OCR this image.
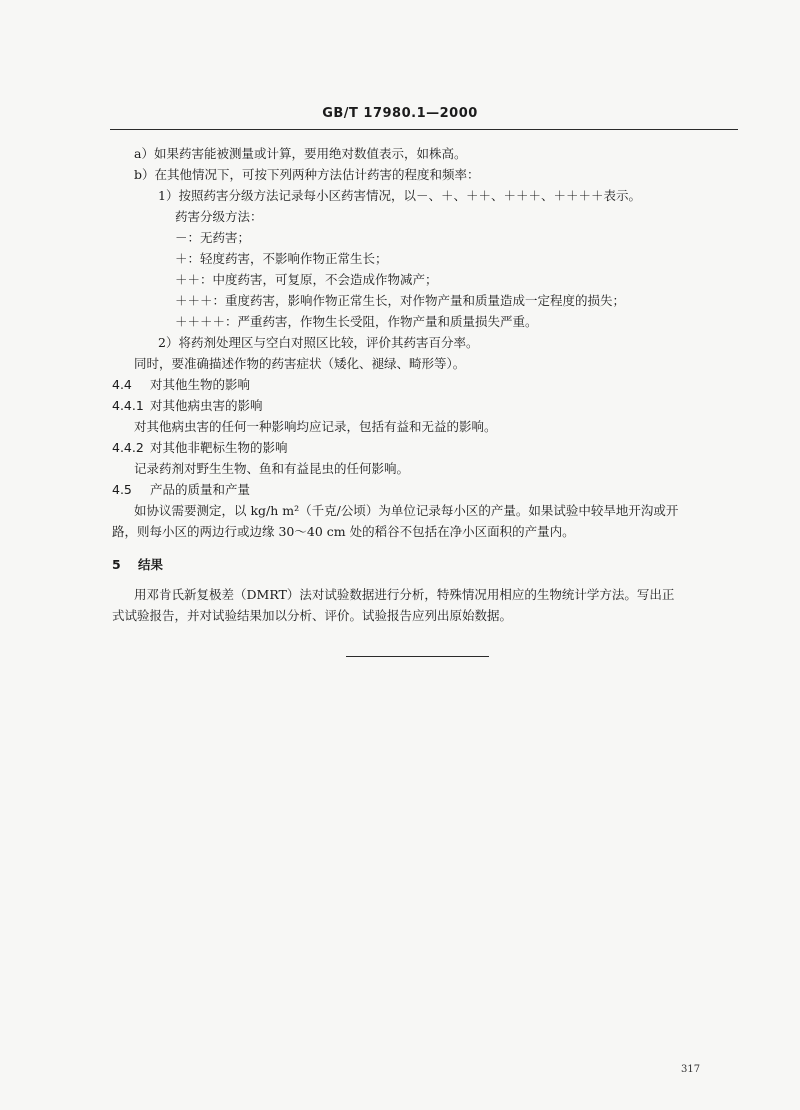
GB/T 17980.1—2000
a）如果药害能被测量或计算，要用绝对数值表示，如株高。
b）在其他情况下，可按下列两种方法估计药害的程度和频率：
1）按照药害分级方法记录每小区药害情况，以－、＋、＋＋、＋＋＋、＋＋＋＋表示。
药害分级方法：
－：无药害；
＋：轻度药害，不影响作物正常生长；
＋＋：中度药害，可复原，不会造成作物减产；
＋＋＋：重度药害，影响作物正常生长，对作物产量和质量造成一定程度的损失；
＋＋＋＋：严重药害，作物生长受阻，作物产量和质量损失严重。
2）将药剂处理区与空白对照区比较，评价其药害百分率。
同时，要准确描述作物的药害症状（矮化、褪绿、畸形等）。
4.4 对其他生物的影响
4.4.1 对其他病虫害的影响
对其他病虫害的任何一种影响均应记录，包括有益和无益的影响。
4.4.2 对其他非靶标生物的影响
记录药剂对野生生物、鱼和有益昆虫的任何影响。
4.5 产品的质量和产量
如协议需要测定，以 kg/h m²（千克/公顷）为单位记录每小区的产量。如果试验中较旱地开沟或开
路，则每小区的两边行或边缘 30～40 cm 处的稻谷不包括在净小区面积的产量内。
5 结果
用邓肯氏新复极差（DMRT）法对试验数据进行分析，特殊情况用相应的生物统计学方法。写出正
式试验报告，并对试验结果加以分析、评价。试验报告应列出原始数据。
317
